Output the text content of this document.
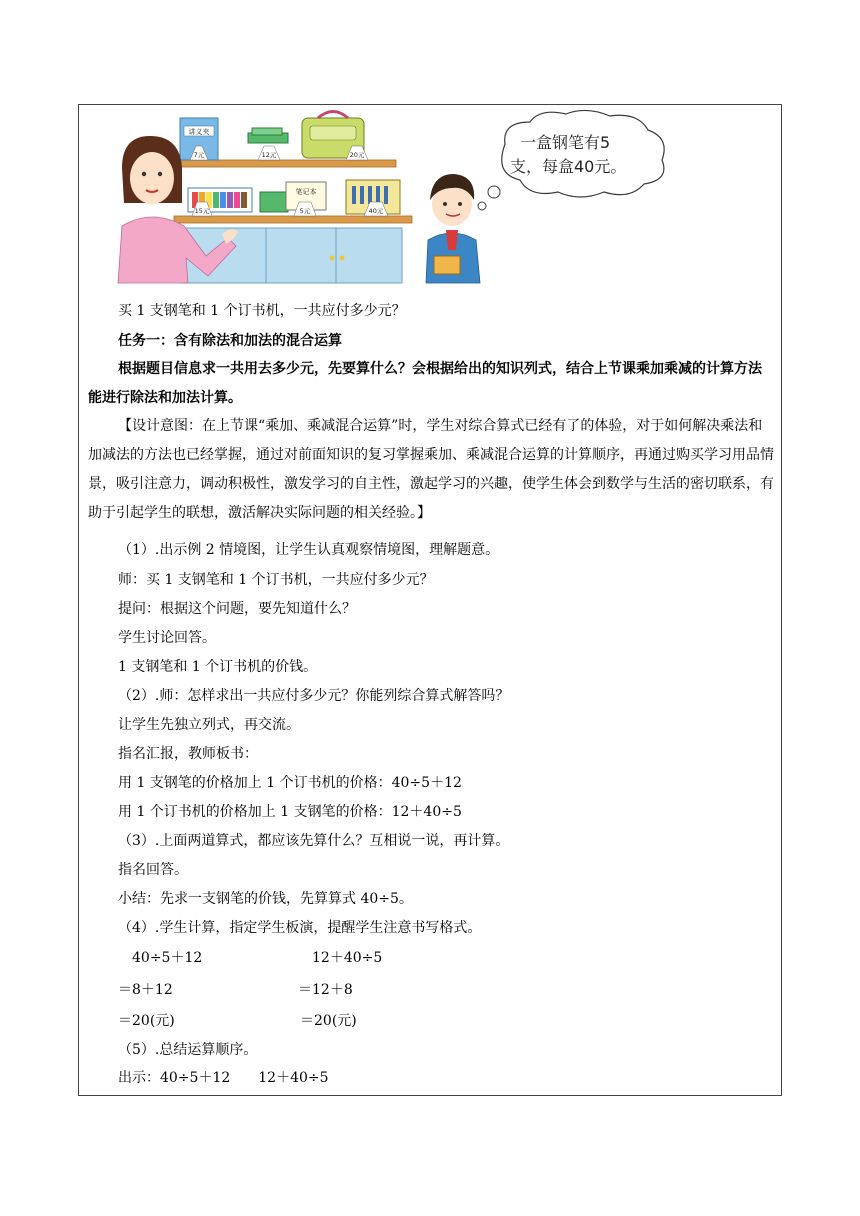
讲义夹
7元	12元	20元
15元
笔记本
5元	40元
一盒钢笔有5
支，每盒40元。
买 1 支钢笔和 1 个订书机，一共应付多少元？
任务一：含有除法和加法的混合运算
根据题目信息求一共用去多少元，先要算什么？会根据给出的知识列式，结合上节课乘加乘减的计算方法能进行除法和加法计算。
【设计意图：在上节课“乘加、乘减混合运算”时，学生对综合算式已经有了的体验，对于如何解决乘法和加减法的方法也已经掌握，通过对前面知识的复习掌握乘加、乘减混合运算的计算顺序，再通过购买学习用品情景，吸引注意力，调动积极性，激发学习的自主性，激起学习的兴趣，使学生体会到数学与生活的密切联系，有助于引起学生的联想，激活解决实际问题的相关经验。】
（1）.出示例 2 情境图，让学生认真观察情境图，理解题意。
师：买 1 支钢笔和 1 个订书机，一共应付多少元？
提问：根据这个问题，要先知道什么？
学生讨论回答。
1 支钢笔和 1 个订书机的价钱。
（2）.师：怎样求出一共应付多少元？你能列综合算式解答吗？
让学生先独立列式，再交流。
指名汇报，教师板书：
用 1 支钢笔的价格加上 1 个订书机的价格：40÷5＋12
用 1 个订书机的价格加上 1 支钢笔的价格：12＋40÷5
（3）.上面两道算式，都应该先算什么？互相说一说，再计算。
指名回答。
小结：先求一支钢笔的价钱，先算算式 40÷5。
（4）.学生计算，指定学生板演，提醒学生注意书写格式。
40÷5＋12
＝8＋12
＝20(元)
12＋40÷5
＝12＋8
＝20(元)
（5）.总结运算顺序。
出示：40÷5＋12　　12＋40÷5
